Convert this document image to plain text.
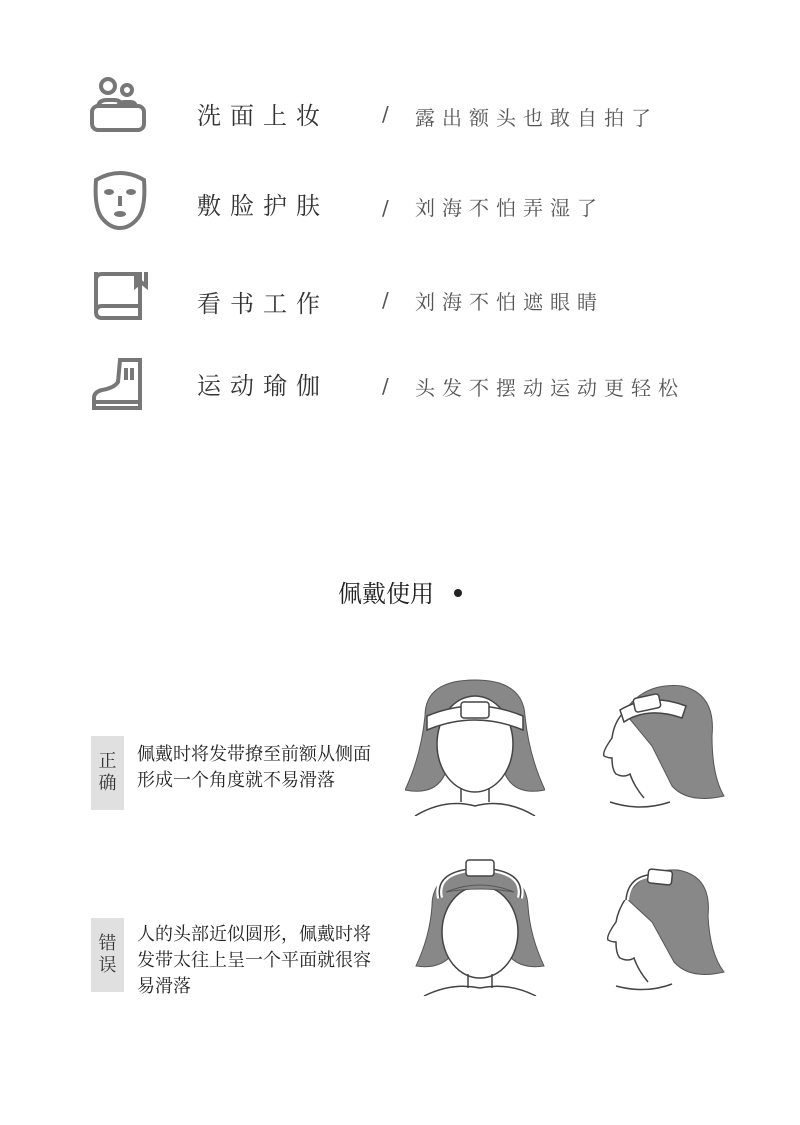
洗面上妆	/ 露出额头也敢自拍了
敷脸护肤	/ 刘海不怕弄湿了
看书工作	/ 刘海不怕遮眼睛
运动瑜伽	/ 头发不摆动运动更轻松
佩戴使用
正
确
佩戴时将发带撩至前额从侧面形成一个角度就不易滑落
错
误
人的头部近似圆形，佩戴时将发带太往上呈一个平面就很容易滑落
